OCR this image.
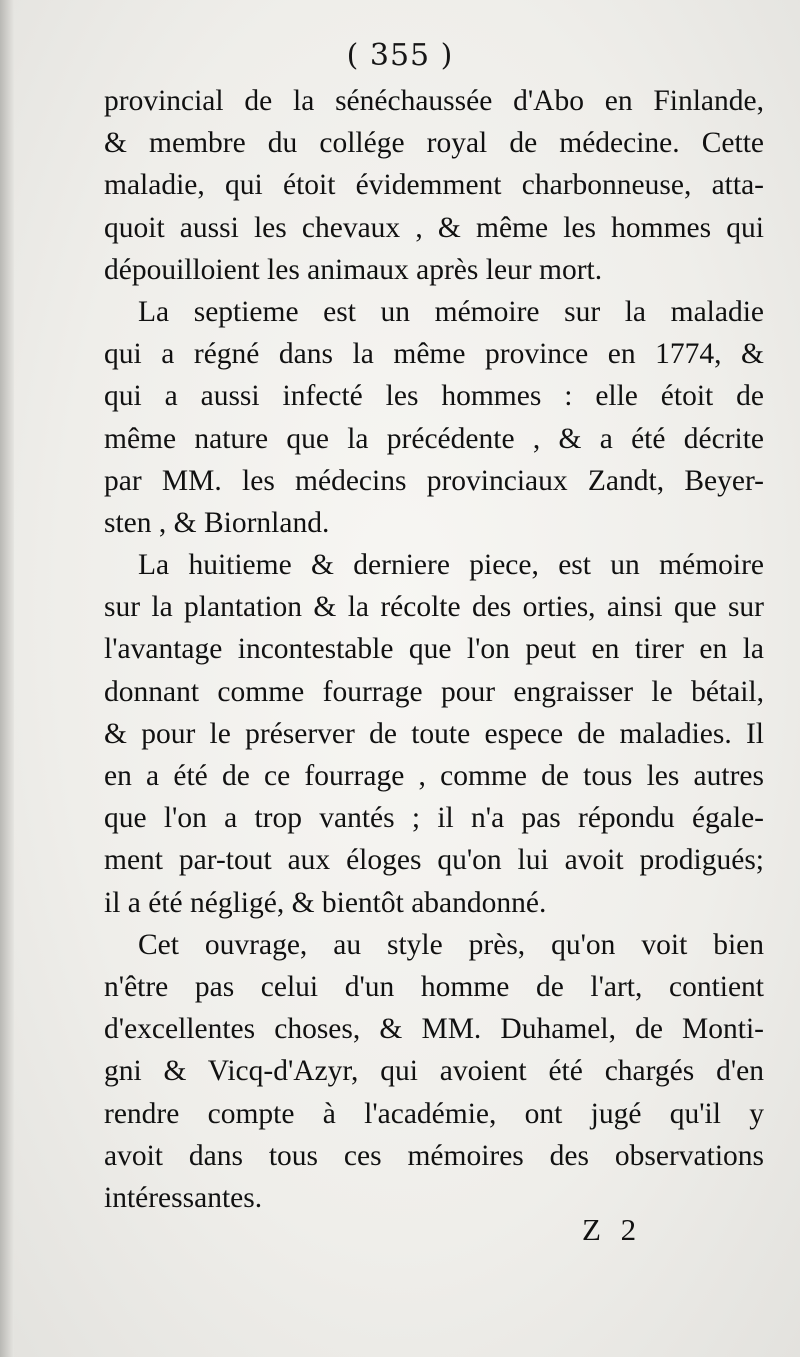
( 355 )
provincial de la sénéchaussée d'Abo en Finlande,
& membre du collége royal de médecine. Cette
maladie, qui étoit évidemment charbonneuse, atta-
quoit aussi les chevaux , & même les hommes qui
dépouilloient les animaux après leur mort.
La septieme est un mémoire sur la maladie
qui a régné dans la même province en 1774, &
qui a aussi infecté les hommes : elle étoit de
même nature que la précédente , & a été décrite
par MM. les médecins provinciaux Zandt, Beyer-
sten , & Biornland.
La huitieme & derniere piece, est un mémoire
sur la plantation & la récolte des orties, ainsi que sur
l'avantage incontestable que l'on peut en tirer en la
donnant comme fourrage pour engraisser le bétail,
& pour le préserver de toute espece de maladies. Il
en a été de ce fourrage , comme de tous les autres
que l'on a trop vantés ; il n'a pas répondu égale-
ment par-tout aux éloges qu'on lui avoit prodigués;
il a été négligé, & bientôt abandonné.
Cet ouvrage, au style près, qu'on voit bien
n'être pas celui d'un homme de l'art, contient
d'excellentes choses, & MM. Duhamel, de Monti-
gni & Vicq-d'Azyr, qui avoient été chargés d'en
rendre compte à l'académie, ont jugé qu'il y
avoit dans tous ces mémoires des observations
intéressantes.
Z 2
